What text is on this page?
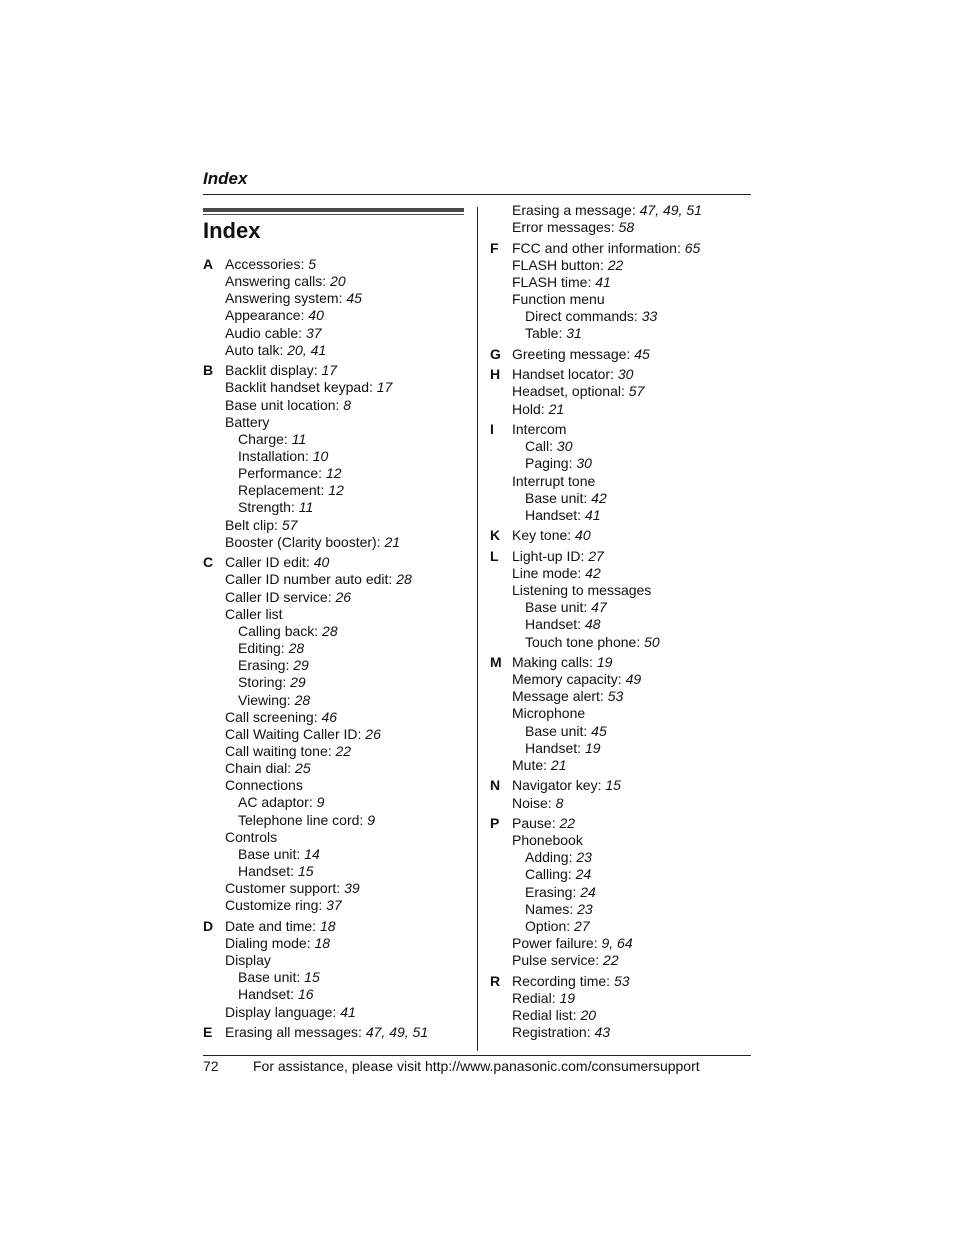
Index
Index
A Accessories: 5
Answering calls: 20
Answering system: 45
Appearance: 40
Audio cable: 37
Auto talk: 20, 41
B Backlit display: 17
Backlit handset keypad: 17
Base unit location: 8
Battery
Charge: 11
Installation: 10
Performance: 12
Replacement: 12
Strength: 11
Belt clip: 57
Booster (Clarity booster): 21
C Caller ID edit: 40
Caller ID number auto edit: 28
Caller ID service: 26
Caller list
Calling back: 28
Editing: 28
Erasing: 29
Storing: 29
Viewing: 28
Call screening: 46
Call Waiting Caller ID: 26
Call waiting tone: 22
Chain dial: 25
Connections
AC adaptor: 9
Telephone line cord: 9
Controls
Base unit: 14
Handset: 15
Customer support: 39
Customize ring: 37
D Date and time: 18
Dialing mode: 18
Display
Base unit: 15
Handset: 16
Display language: 41
E Erasing all messages: 47, 49, 51
Erasing a message: 47, 49, 51
Error messages: 58
F FCC and other information: 65
FLASH button: 22
FLASH time: 41
Function menu
Direct commands: 33
Table: 31
G Greeting message: 45
H Handset locator: 30
Headset, optional: 57
Hold: 21
I Intercom
Call: 30
Paging: 30
Interrupt tone
Base unit: 42
Handset: 41
K Key tone: 40
L Light-up ID: 27
Line mode: 42
Listening to messages
Base unit: 47
Handset: 48
Touch tone phone: 50
M Making calls: 19
Memory capacity: 49
Message alert: 53
Microphone
Base unit: 45
Handset: 19
Mute: 21
N Navigator key: 15
Noise: 8
P Pause: 22
Phonebook
Adding: 23
Calling: 24
Erasing: 24
Names: 23
Option: 27
Power failure: 9, 64
Pulse service: 22
R Recording time: 53
Redial: 19
Redial list: 20
Registration: 43
72 For assistance, please visit http://www.panasonic.com/consumersupport
